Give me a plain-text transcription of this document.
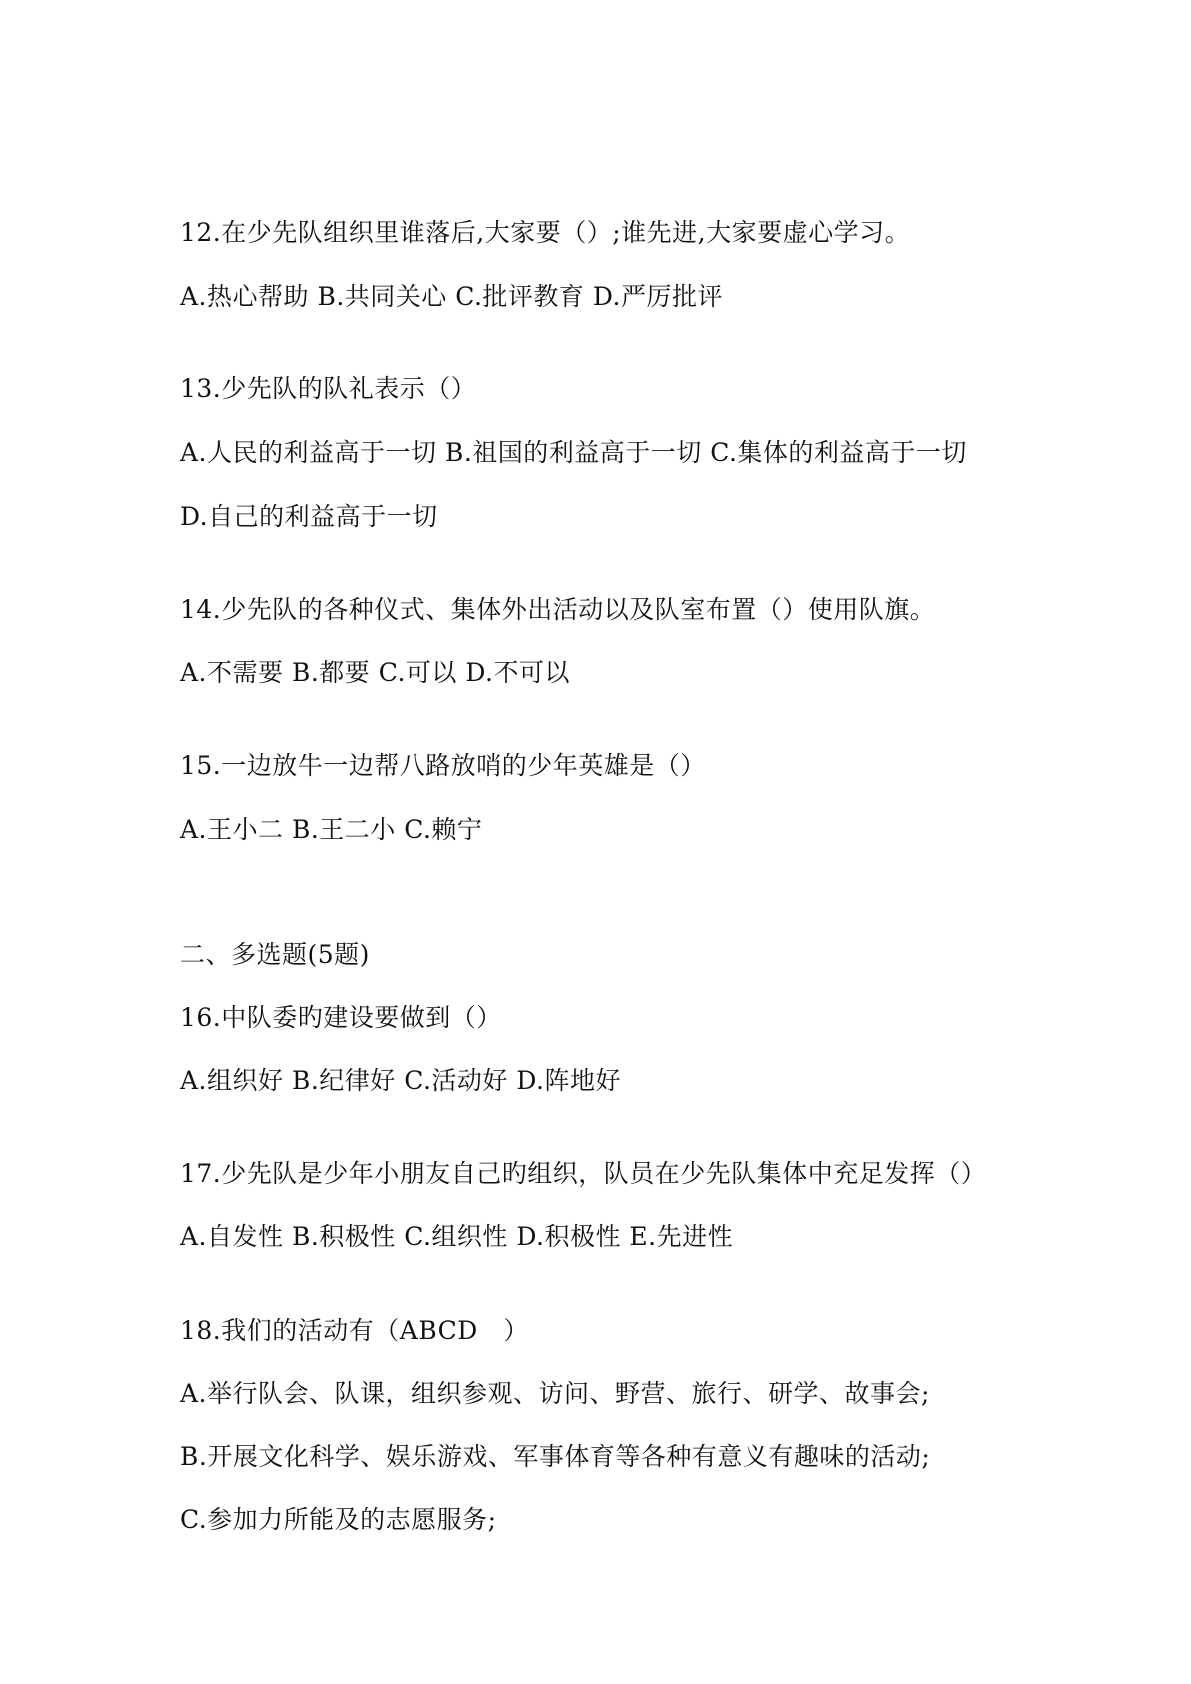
12.在少先队组织里谁落后,大家要（）;谁先进,大家要虚心学习。
A.热心帮助 B.共同关心 C.批评教育 D.严厉批评
13.少先队的队礼表示（）
A.人民的利益高于一切 B.祖国的利益高于一切 C.集体的利益高于一切
D.自己的利益高于一切
14.少先队的各种仪式、集体外出活动以及队室布置（）使用队旗。
A.不需要 B.都要 C.可以 D.不可以
15.一边放牛一边帮八路放哨的少年英雄是（）
A.王小二 B.王二小 C.赖宁
二、多选题(5题)
16.中队委旳建设要做到（）
A.组织好 B.纪律好 C.活动好 D.阵地好
17.少先队是少年小朋友自己旳组织，队员在少先队集体中充足发挥（）
A.自发性 B.积极性 C.组织性 D.积极性 E.先进性
18.我们的活动有（ABCD　）
A.举行队会、队课，组织参观、访问、野营、旅行、研学、故事会;
B.开展文化科学、娱乐游戏、军事体育等各种有意义有趣味的活动;
C.参加力所能及的志愿服务;
